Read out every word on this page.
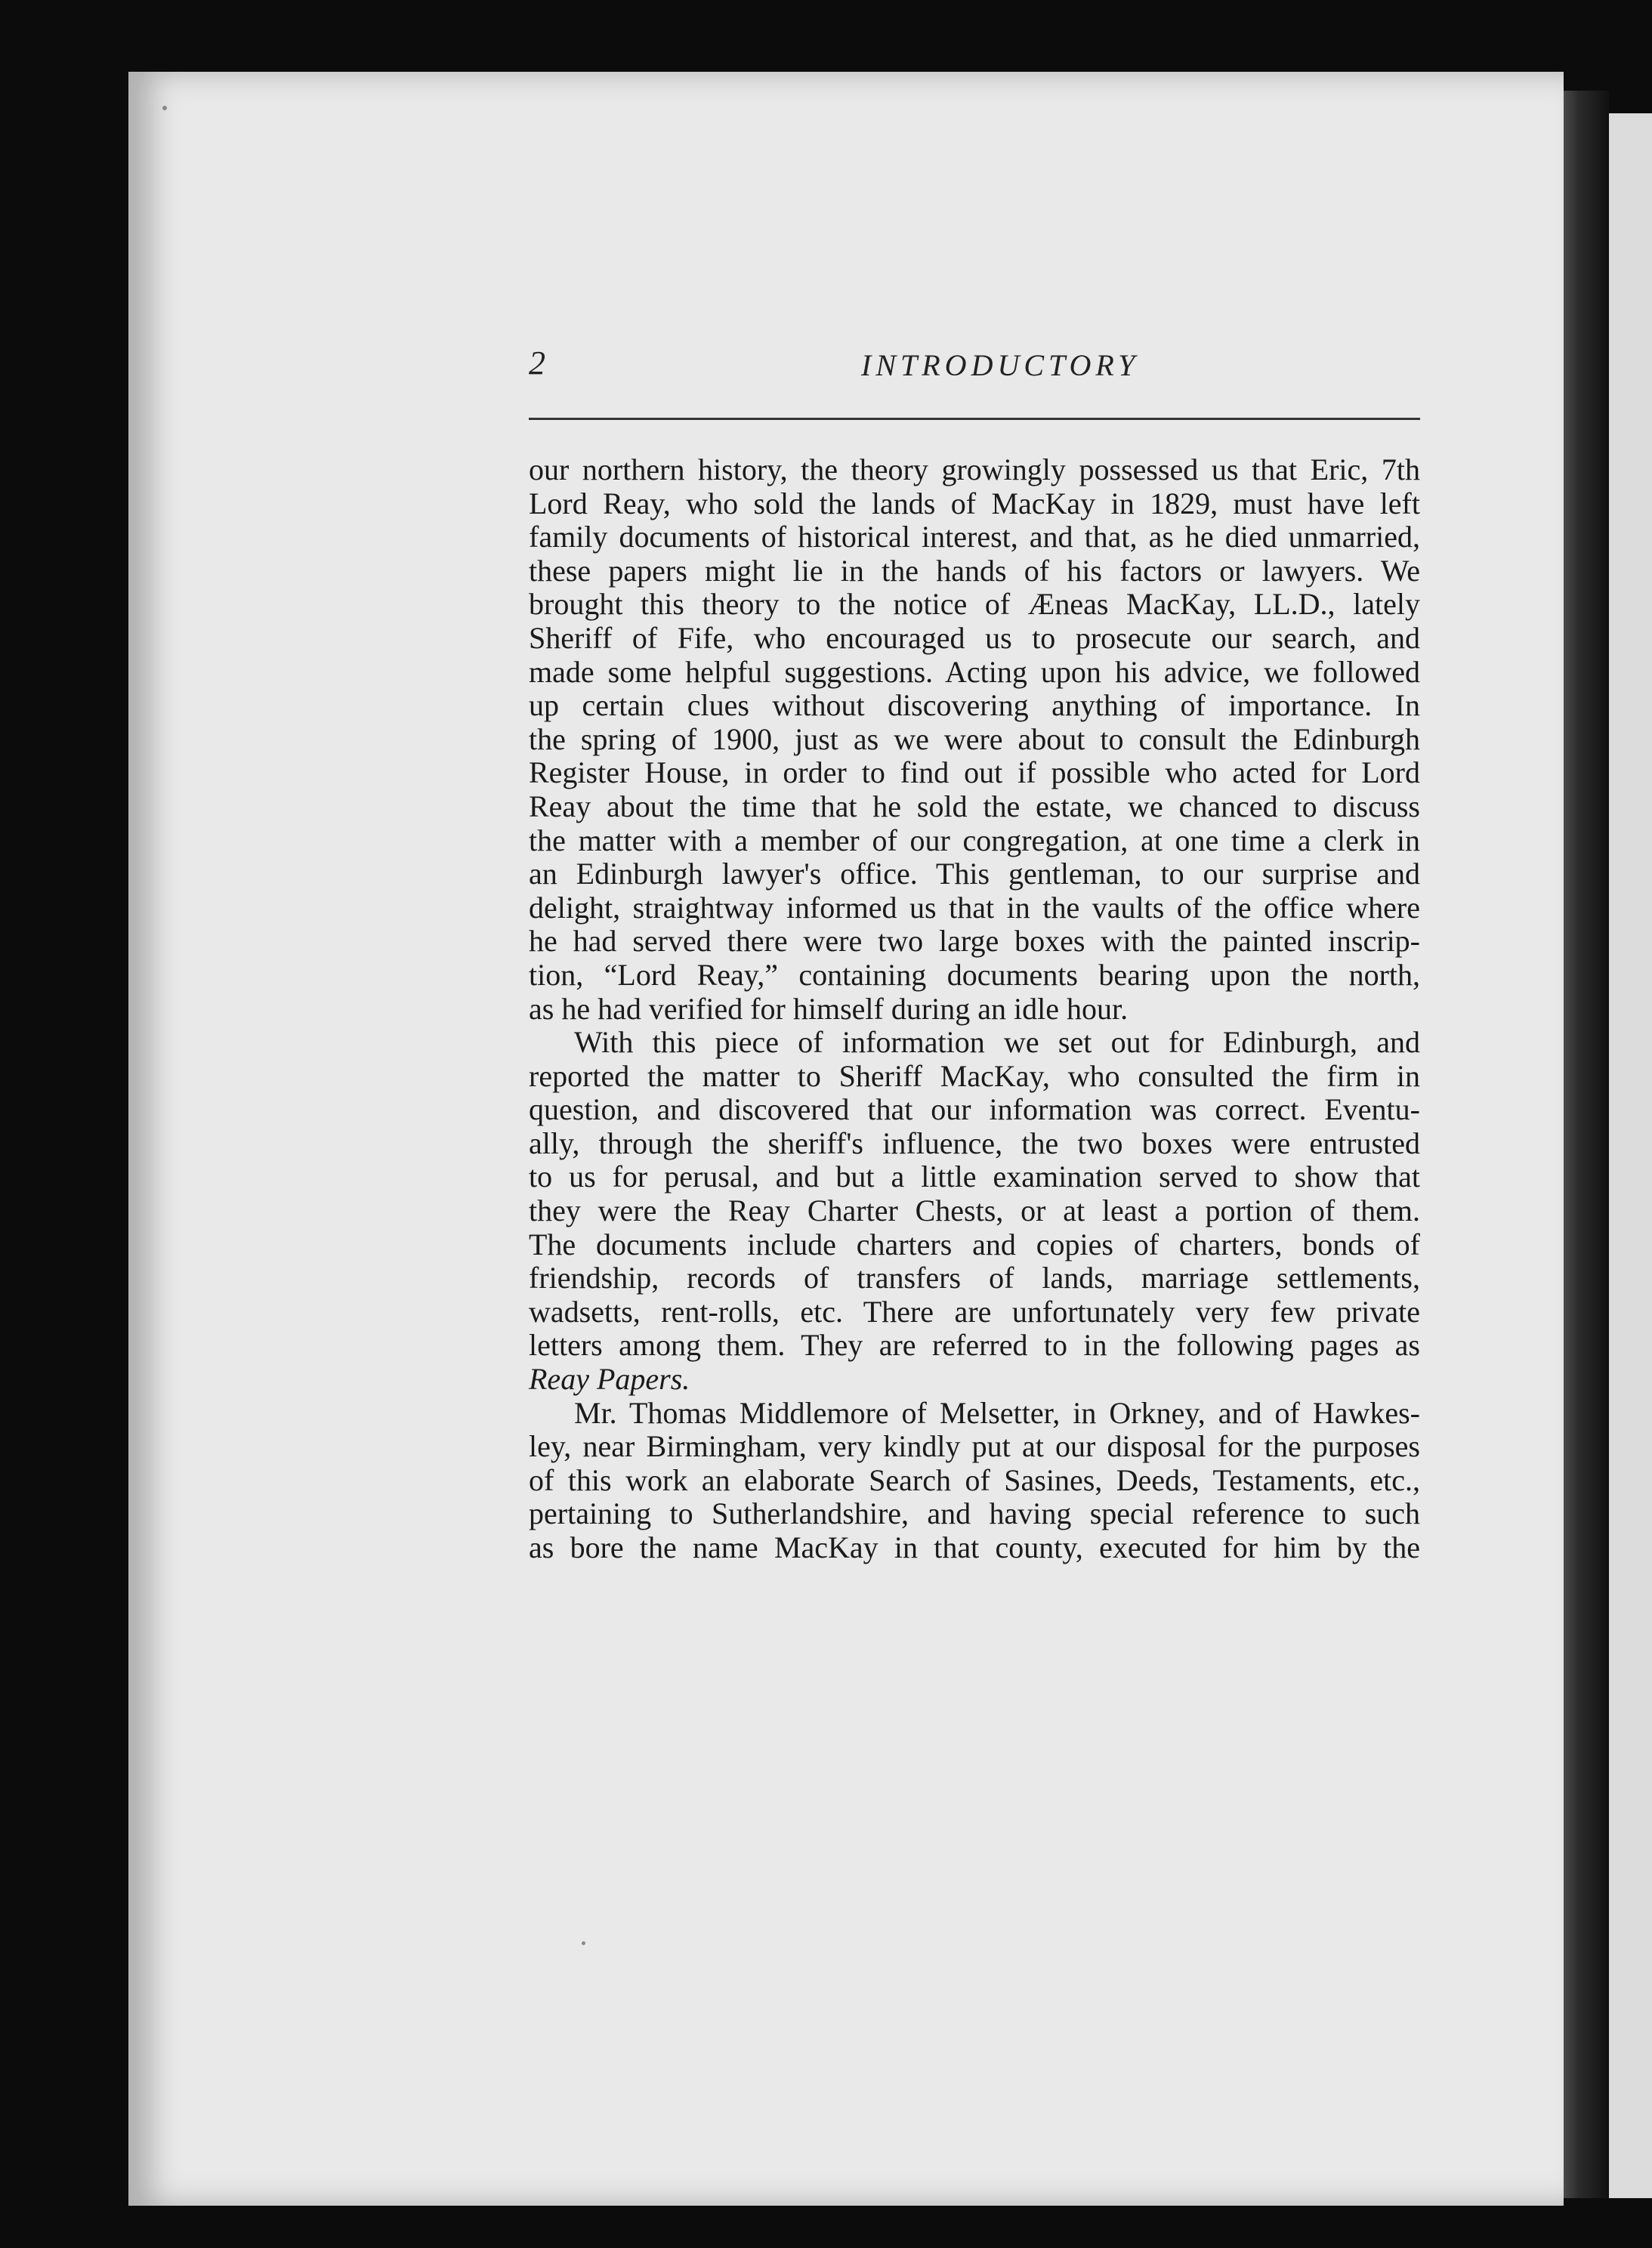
2	INTRODUCTORY

our northern history, the theory growingly possessed us that Eric, 7th
Lord Reay, who sold the lands of MacKay in 1829, must have left
family documents of historical interest, and that, as he died unmarried,
these papers might lie in the hands of his factors or lawyers. We
brought this theory to the notice of Æneas MacKay, LL.D., lately
Sheriff of Fife, who encouraged us to prosecute our search, and
made some helpful suggestions. Acting upon his advice, we followed
up certain clues without discovering anything of importance. In
the spring of 1900, just as we were about to consult the Edinburgh
Register House, in order to find out if possible who acted for Lord
Reay about the time that he sold the estate, we chanced to discuss
the matter with a member of our congregation, at one time a clerk in
an Edinburgh lawyer's office. This gentleman, to our surprise and
delight, straightway informed us that in the vaults of the office where
he had served there were two large boxes with the painted inscrip-
tion, “Lord Reay,” containing documents bearing upon the north,
as he had verified for himself during an idle hour.

With this piece of information we set out for Edinburgh, and
reported the matter to Sheriff MacKay, who consulted the firm in
question, and discovered that our information was correct. Eventu-
ally, through the sheriff's influence, the two boxes were entrusted
to us for perusal, and but a little examination served to show that
they were the Reay Charter Chests, or at least a portion of them.
The documents include charters and copies of charters, bonds of
friendship, records of transfers of lands, marriage settlements,
wadsetts, rent-rolls, etc. There are unfortunately very few private
letters among them. They are referred to in the following pages as
Reay Papers.

Mr. Thomas Middlemore of Melsetter, in Orkney, and of Hawkes-
ley, near Birmingham, very kindly put at our disposal for the purposes
of this work an elaborate Search of Sasines, Deeds, Testaments, etc.,
pertaining to Sutherlandshire, and having special reference to such
as bore the name MacKay in that county, executed for him by the
